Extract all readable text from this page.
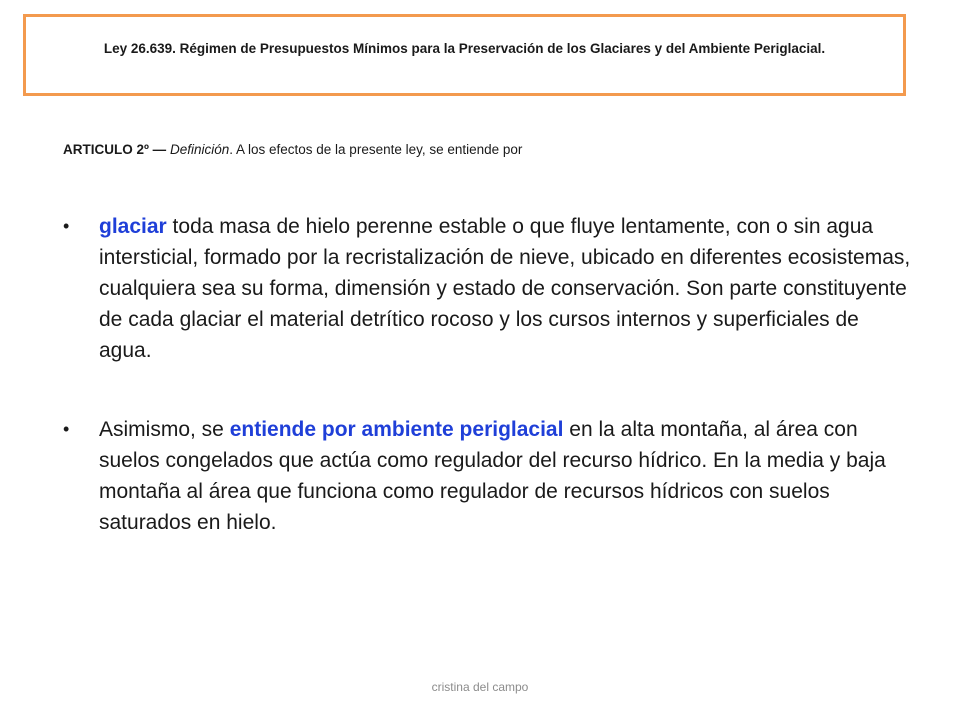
Ley 26.639. Régimen de Presupuestos Mínimos para la Preservación de los Glaciares y del Ambiente Periglacial.
ARTICULO 2º — Definición. A los efectos de la presente ley, se entiende por
•	glaciar toda masa de hielo perenne estable o que fluye lentamente, con o sin agua intersticial, formado por la recristalización de nieve, ubicado en diferentes ecosistemas, cualquiera sea su forma, dimensión y estado de conservación. Son parte constituyente de cada glaciar el material detrítico rocoso y los cursos internos y superficiales de agua.
•	Asimismo, se entiende por ambiente periglacial en la alta montaña, al área con suelos congelados que actúa como regulador del recurso hídrico. En la media y baja montaña al área que funciona como regulador de recursos hídricos con suelos saturados en hielo.
cristina del campo
